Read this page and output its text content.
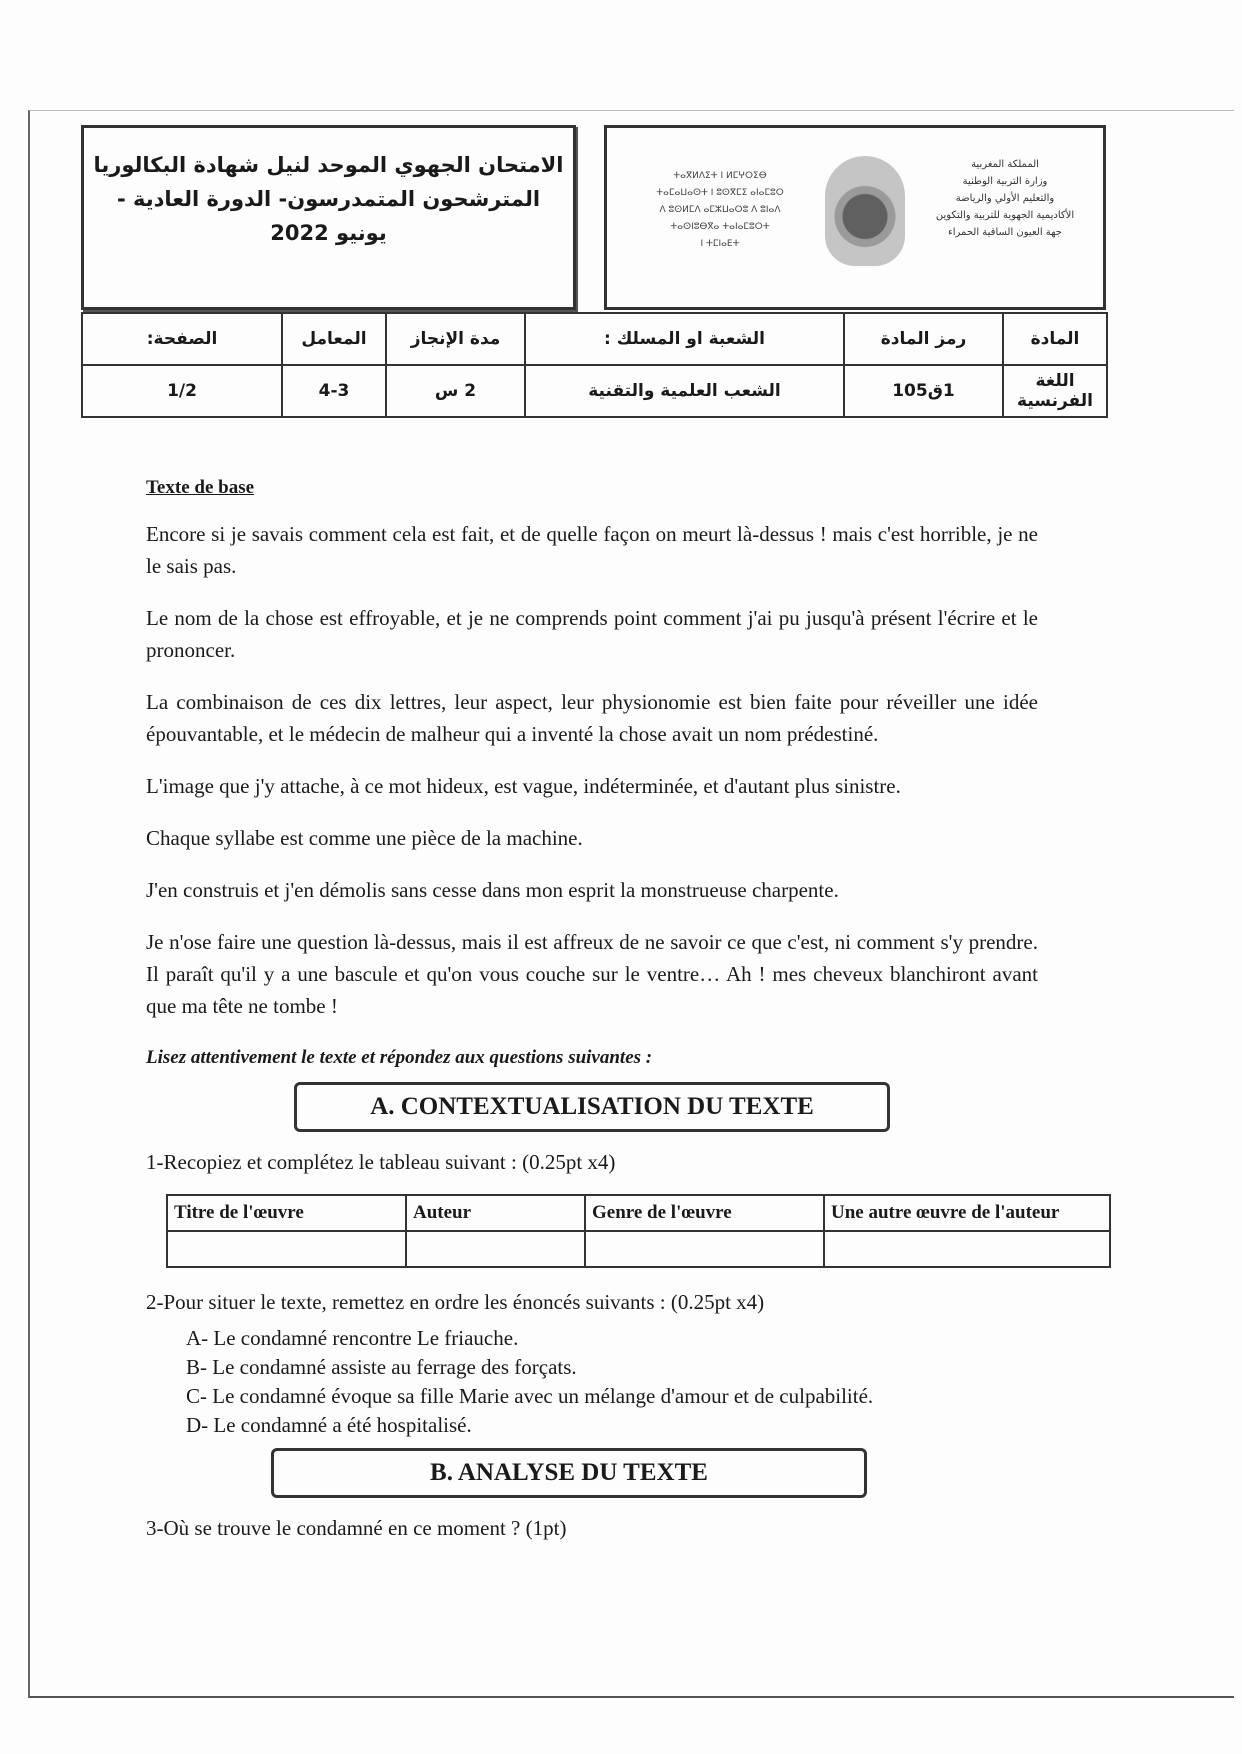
الامتحان الجهوي الموحد لنيل شهادة البكالوريا
المترشحون المتمدرسون- الدورة العادية -
يونيو 2022
ⵜⴰⴳⵍⴷⵉⵜ ⵏ ⵍⵎⵖⵔⵉⴱ
ⵜⴰⵎⴰⵡⴰⵙⵜ ⵏ ⵓⵙⴳⵎⵉ ⴰⵏⴰⵎⵓⵔ
ⴷ ⵓⵙⵍⵎⴷ ⴰⵎⵣⵡⴰⵔⵓ ⴷ ⵓⵏⴰⴷ
ⵜⴰⵙⵏⵓⴱⴳⴰ ⵜⴰⵏⴰⵎⵓⵔⵜ
ⵏ ⵜⵎⵏⴰⴹⵜ
المملكة المغربية
وزارة التربية الوطنية
والتعليم الأولي والرياضة
الأكاديمية الجهوية للتربية والتكوين
جهة العيون الساقية الحمراء
المادة	رمز المادة	الشعبة او المسلك :	مدة الإنجاز	المعامل	الصفحة:
اللغة الفرنسية	1ق105	الشعب العلمية والتقنية	2 س	4-3	1/2

Texte de base

Encore si je savais comment cela est fait, et de quelle façon on meurt là-dessus ! mais c'est horrible, je ne le sais pas.

Le nom de la chose est effroyable, et je ne comprends point comment j'ai pu jusqu'à présent l'écrire et le prononcer.

La combinaison de ces dix lettres, leur aspect, leur physionomie est bien faite pour réveiller une idée épouvantable, et le médecin de malheur qui a inventé la chose avait un nom prédestiné.

L'image que j'y attache, à ce mot hideux, est vague, indéterminée, et d'autant plus sinistre.

Chaque syllabe est comme une pièce de la machine.

J'en construis et j'en démolis sans cesse dans mon esprit la monstrueuse charpente.

Je n'ose faire une question là-dessus, mais il est affreux de ne savoir ce que c'est, ni comment s'y prendre. Il paraît qu'il y a une bascule et qu'on vous couche sur le ventre… Ah ! mes cheveux blanchiront avant que ma tête ne tombe !

Lisez attentivement le texte et répondez aux questions suivantes :

A. CONTEXTUALISATION DU TEXTE

1-Recopiez et complétez le tableau suivant : (0.25pt x4)

Titre de l'œuvre	Auteur	Genre de l'œuvre	Une autre œuvre de l'auteur

2-Pour situer le texte, remettez en ordre les énoncés suivants : (0.25pt x4)

A- Le condamné rencontre Le friauche.
B- Le condamné assiste au ferrage des forçats.
C- Le condamné évoque sa fille Marie avec un mélange d'amour et de culpabilité.
D- Le condamné a été hospitalisé.
B. ANALYSE DU TEXTE

3-Où se trouve le condamné en ce moment ? (1pt)
